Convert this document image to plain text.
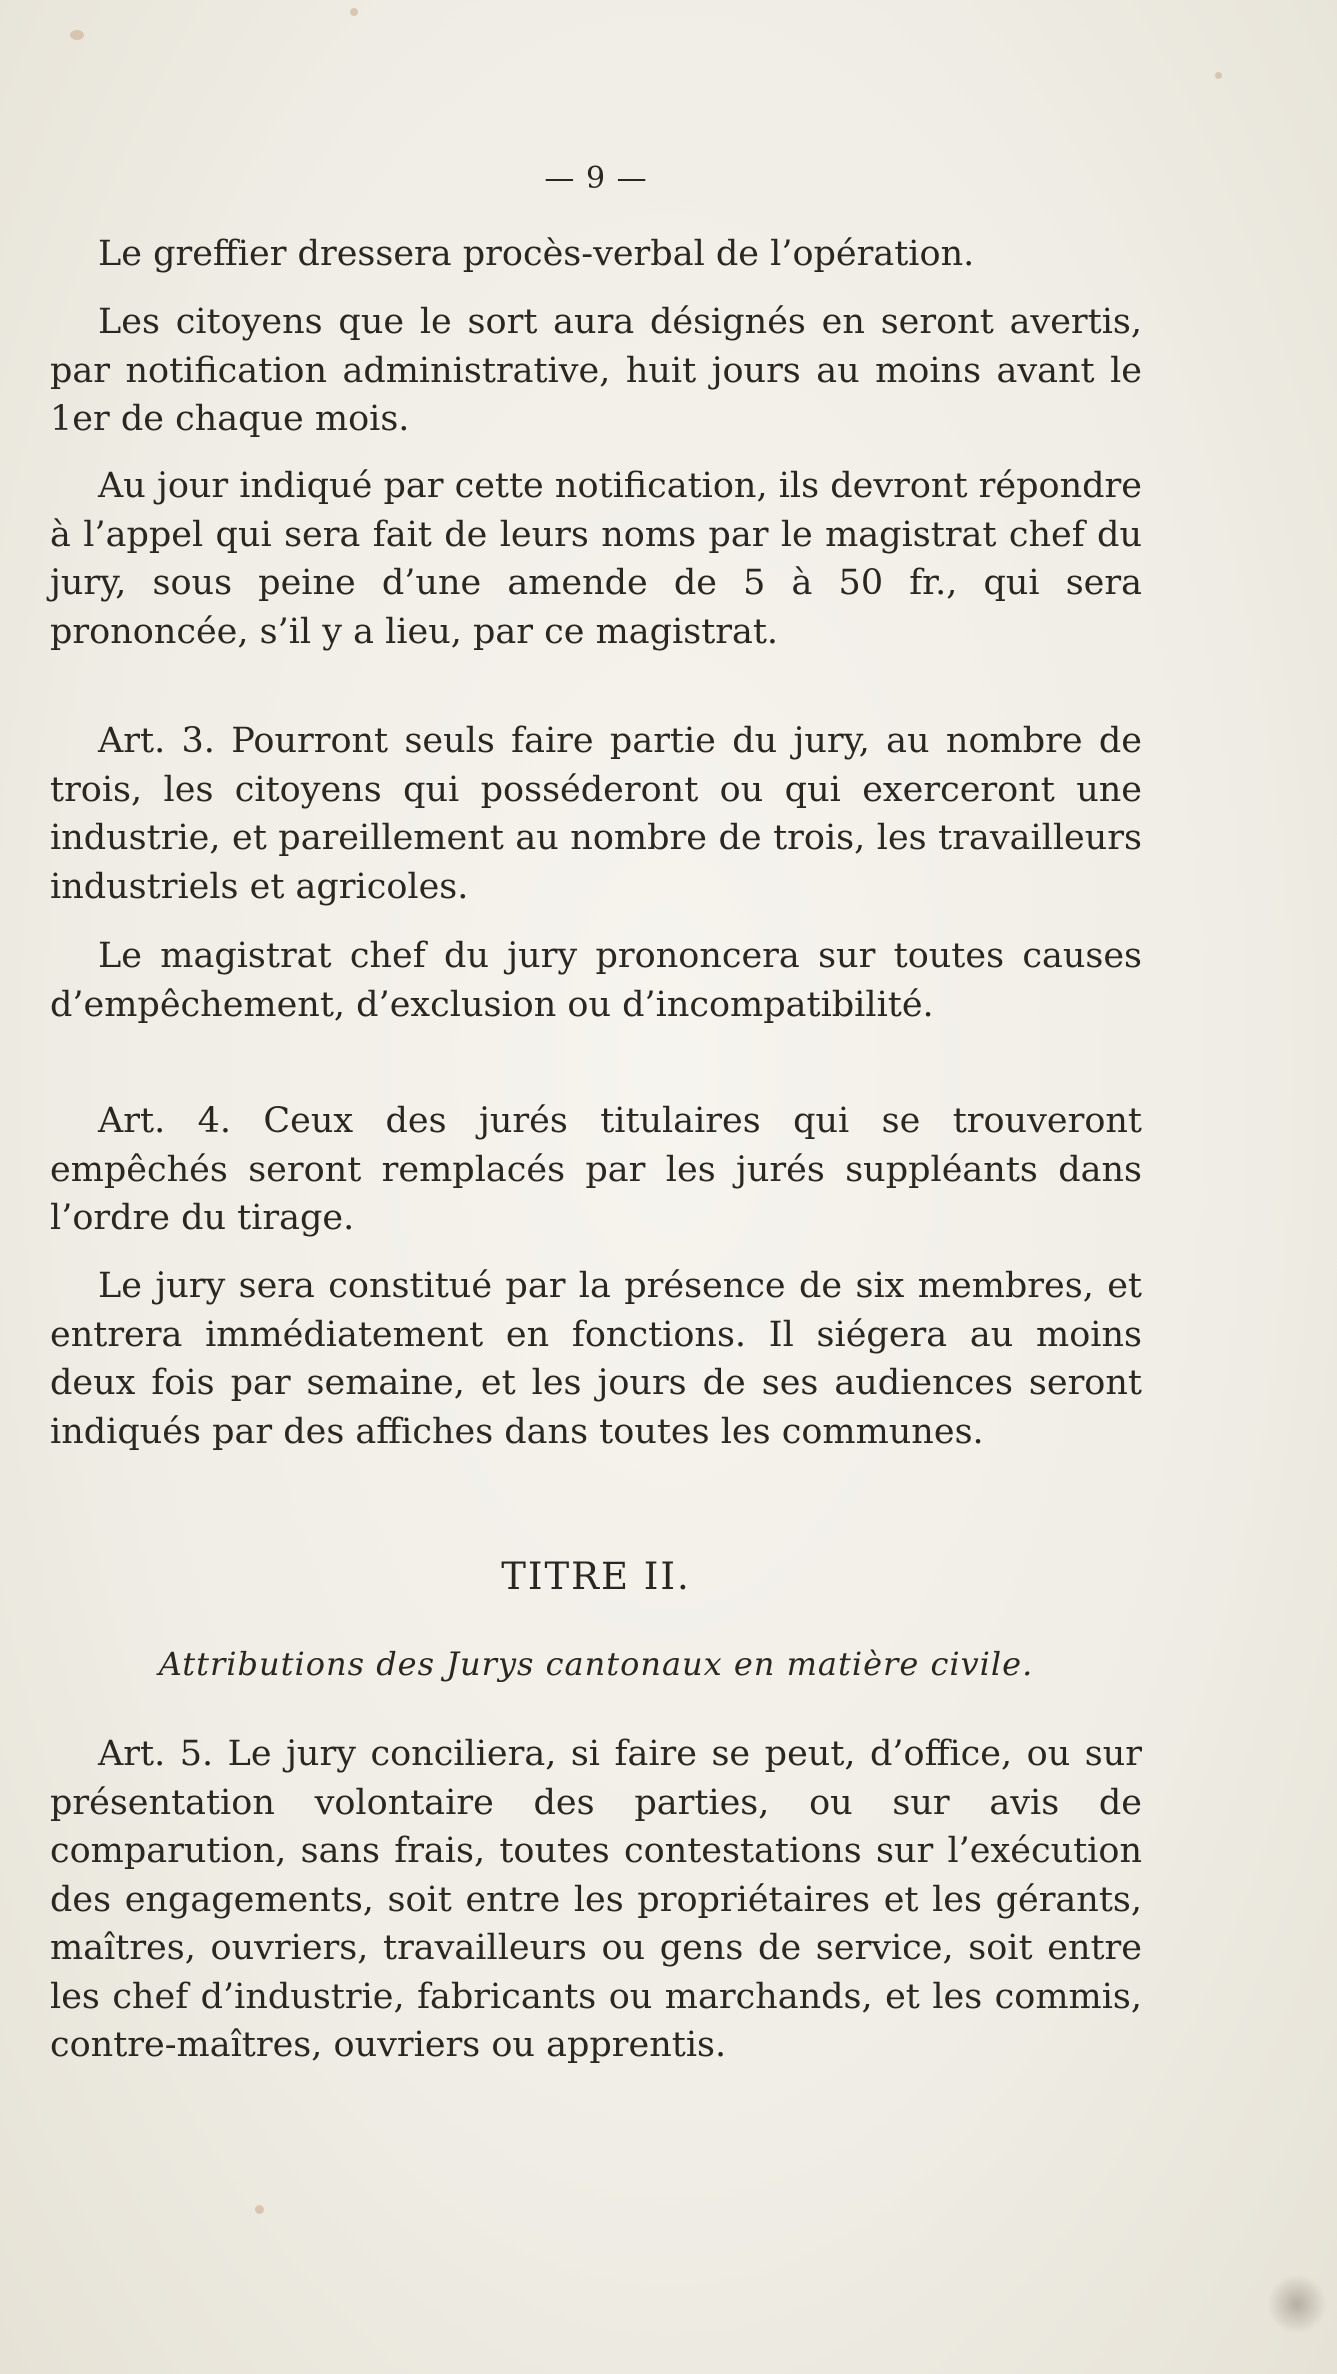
— 9 —

Le greffier dressera procès-verbal de l’opération.

Les citoyens que le sort aura désignés en seront avertis, par notification administrative, huit jours au moins avant le 1er de chaque mois.

Au jour indiqué par cette notification, ils devront répondre à l’appel qui sera fait de leurs noms par le magistrat chef du jury, sous peine d’une amende de 5 à 50 fr., qui sera prononcée, s’il y a lieu, par ce magistrat.

Art. 3. Pourront seuls faire partie du jury, au nombre de trois, les citoyens qui posséderont ou qui exerceront une industrie, et pareillement au nombre de trois, les travailleurs industriels et agricoles.

Le magistrat chef du jury prononcera sur toutes causes d’empêchement, d’exclusion ou d’incompatibilité.

Art. 4. Ceux des jurés titulaires qui se trouveront empêchés seront remplacés par les jurés suppléants dans l’ordre du tirage.

Le jury sera constitué par la présence de six membres, et entrera immédiatement en fonctions. Il siégera au moins deux fois par semaine, et les jours de ses audiences seront indiqués par des affiches dans toutes les communes.

TITRE II.
Attributions des Jurys cantonaux en matière civile.

Art. 5. Le jury conciliera, si faire se peut, d’office, ou sur présentation volontaire des parties, ou sur avis de comparution, sans frais, toutes contestations sur l’exécution des engagements, soit entre les propriétaires et les gérants, maîtres, ouvriers, travailleurs ou gens de service, soit entre les chef d’industrie, fabricants ou marchands, et les commis, contre-maîtres, ouvriers ou apprentis.
